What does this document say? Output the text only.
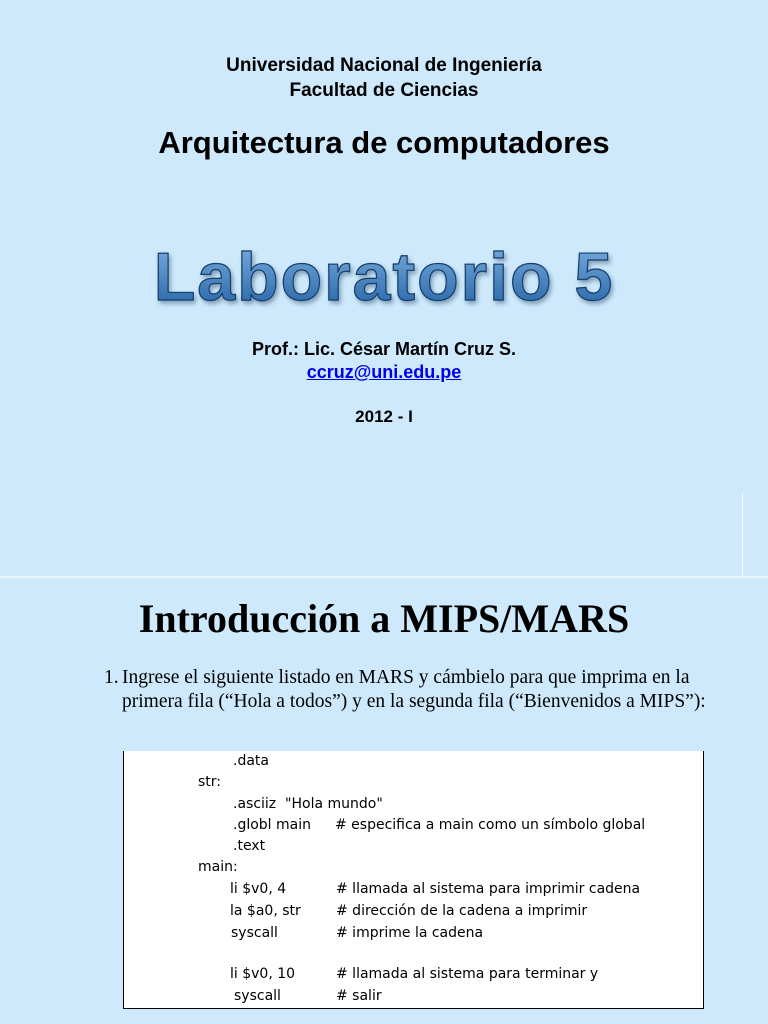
Universidad Nacional de Ingeniería
Facultad de Ciencias
Arquitectura de computadores
Laboratorio 5
Prof.: Lic. César Martín Cruz S.
ccruz@uni.edu.pe
2012 - I
Introducción a MIPS/MARS
1. Ingrese el siguiente listado en MARS y cámbielo para que imprima en la primera fila (“Hola a todos”) y en la segunda fila (“Bienvenidos a MIPS”):
.data
str:
.asciiz  "Hola mundo"
.globl main # especifica a main como un símbolo global
.text
main:
li $v0, 4	# llamada al sistema para imprimir cadena
la $a0, str	# dirección de la cadena a imprimir
syscall	# imprime la cadena
li $v0, 10	# llamada al sistema para terminar y
syscall	# salir
